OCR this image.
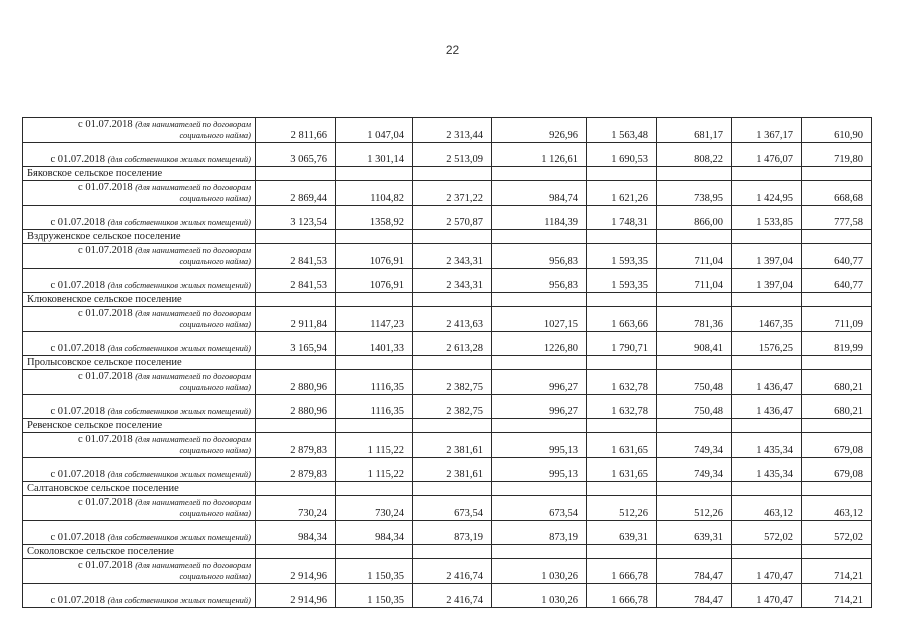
22
с 01.07.2018 (для нанимателей по договорам
социального найма)	2 811,66	1 047,04	2 313,44	926,96	1 563,48	681,17	1 367,17	610,90
с 01.07.2018 (для собственников жилых помещений)	3 065,76	1 301,14	2 513,09	1 126,61	1 690,53	808,22	1 476,07	719,80
Бяковское сельское поселение								

с 01.07.2018 (для нанимателей по договорам
социального найма)	2 869,44	1104,82	2 371,22	984,74	1 621,26	738,95	1 424,95	668,68
с 01.07.2018 (для собственников жилых помещений)	3 123,54	1358,92	2 570,87	1184,39	1 748,31	866,00	1 533,85	777,58
Вздруженское сельское поселение								

с 01.07.2018 (для нанимателей по договорам
социального найма)	2 841,53	1076,91	2 343,31	956,83	1 593,35	711,04	1 397,04	640,77
с 01.07.2018 (для собственников жилых помещений)	2 841,53	1076,91	2 343,31	956,83	1 593,35	711,04	1 397,04	640,77
Клюковенское сельское поселение								

с 01.07.2018 (для нанимателей по договорам
социального найма)	2 911,84	1147,23	2 413,63	1027,15	1 663,66	781,36	1467,35	711,09
с 01.07.2018 (для собственников жилых помещений)	3 165,94	1401,33	2 613,28	1226,80	1 790,71	908,41	1576,25	819,99
Пролысовское сельское поселение								

с 01.07.2018 (для нанимателей по договорам
социального найма)	2 880,96	1116,35	2 382,75	996,27	1 632,78	750,48	1 436,47	680,21
с 01.07.2018 (для собственников жилых помещений)	2 880,96	1116,35	2 382,75	996,27	1 632,78	750,48	1 436,47	680,21
Ревенское сельское поселение								

с 01.07.2018 (для нанимателей по договорам
социального найма)	2 879,83	1 115,22	2 381,61	995,13	1 631,65	749,34	1 435,34	679,08
с 01.07.2018 (для собственников жилых помещений)	2 879,83	1 115,22	2 381,61	995,13	1 631,65	749,34	1 435,34	679,08
Салтановское сельское поселение								

с 01.07.2018 (для нанимателей по договорам
социального найма)	730,24	730,24	673,54	673,54	512,26	512,26	463,12	463,12
с 01.07.2018 (для собственников жилых помещений)	984,34	984,34	873,19	873,19	639,31	639,31	572,02	572,02
Соколовское сельское поселение								

с 01.07.2018 (для нанимателей по договорам
социального найма)	2 914,96	1 150,35	2 416,74	1 030,26	1 666,78	784,47	1 470,47	714,21
с 01.07.2018 (для собственников жилых помещений)	2 914,96	1 150,35	2 416,74	1 030,26	1 666,78	784,47	1 470,47	714,21
